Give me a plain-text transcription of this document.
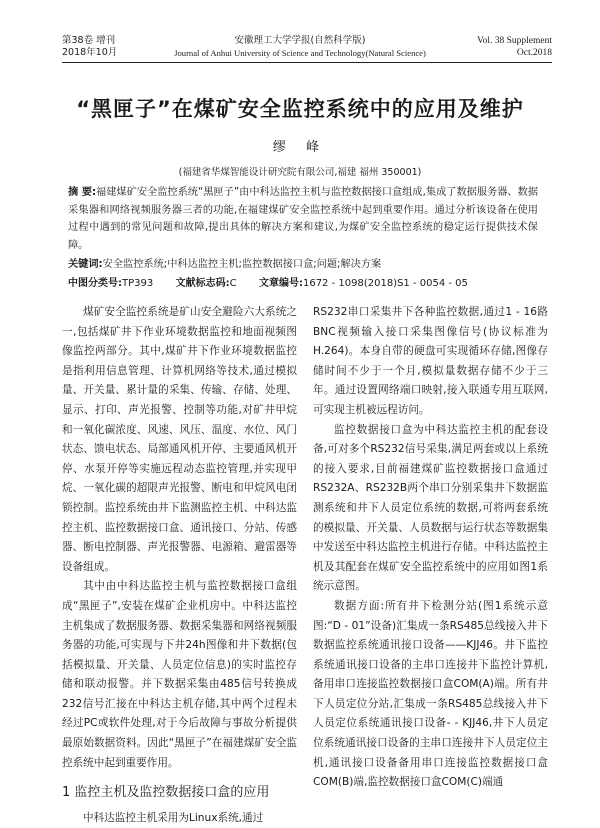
第38卷 增刊
2018年10月
安徽理工大学学报(自然科学版)
Journal of Anhui University of Science and Technology(Natural Science)
Vol. 38 Supplement
Oct.2018
“黑匣子”在煤矿安全监控系统中的应用及维护
缪 峰
(福建省华煤智能设计研究院有限公司,福建 福州 350001)
摘 要:福建煤矿安全监控系统“黑匣子”由中科达监控主机与监控数据接口盒组成,集成了数据服务器、数据采集器和网络视频服务器三者的功能,在福建煤矿安全监控系统中起到重要作用。通过分析该设备在使用过程中遇到的常见问题和故障,提出具体的解决方案和建议,为煤矿安全监控系统的稳定运行提供技术保障。
关键词:安全监控系统;中科达监控主机;监控数据接口盒;问题;解决方案
中图分类号:TP393 文献标志码:C 文章编号:1672 - 1098(2018)S1 - 0054 - 05

煤矿安全监控系统是矿山安全避险六大系统之一,包括煤矿井下作业环境数据监控和地面视频图像监控两部分。其中,煤矿井下作业环境数据监控是指利用信息管理、计算机网络等技术,通过模拟量、开关量、累计量的采集、传输、存储、处理、显示、打印、声光报警、控制等功能,对矿井甲烷和一氧化碳浓度、风速、风压、温度、水位、风门状态、馈电状态、局部通风机开停、主要通风机开停、水泵开停等实施远程动态监控管理,并实现甲烷、一氧化碳的超限声光报警、断电和甲烷风电闭锁控制。监控系统由井下监测监控主机、中科达监控主机、监控数据接口盒、通讯接口、分站、传感器、断电控制器、声光报警器、电源箱、避雷器等设备组成。

其中由中科达监控主机与监控数据接口盒组成“黑匣子”,安装在煤矿企业机房中。中科达监控主机集成了数据服务器、数据采集器和网络视频服务器的功能,可实现与下井24h图像和井下数据(包括模拟量、开关量、人员定位信息)的实时监控存储和联动报警。并下数据采集由485信号转换成232信号汇接在中科达主机存储,其中两个过程未经过PC或软件处理,对于今后故障与事故分析提供最原始数据资料。因此“黑匣子”在福建煤矿安全监控系统中起到重要作用。

1 监控主机及监控数据接口盒的应用

中科达监控主机采用为Linux系统,通过

RS232串口采集井下各种监控数据,通过1 - 16路BNC视频输入接口采集图像信号(协议标准为H.264)。本身自带的硬盘可实现循环存储,图像存储时间不少于一个月,模拟量数据存储不少于三年。通过设置网络端口映射,接入联通专用互联网,可实现主机被远程访问。

监控数据接口盒为中科达监控主机的配套设备,可对多个RS232信号采集,满足两套或以上系统的接入要求,目前福建煤矿监控数据接口盒通过RS232A、RS232B两个串口分别采集井下数据监测系统和井下人员定位系统的数据,可将两套系统的模拟量、开关量、人员数据与运行状态等数据集中发送至中科达监控主机进行存储。中科达监控主机及其配套在煤矿安全监控系统中的应用如图1系统示意图。

数据方面:所有井下检测分站(图1系统示意图:“D - 01”设备)汇集成一条RS485总线接入井下数据监控系统通讯接口设备——KJJ46。井下监控系统通讯接口设备的主串口连接井下监控计算机,备用串口连接监控数据接口盒COM(A)端。所有井下人员定位分站,汇集成一条RS485总线接入井下人员定位系统通讯接口设备- - KJJ46,井下人员定位系统通讯接口设备的主串口连接井下人员定位主机,通讯接口设备备用串口连接监控数据接口盒COM(B)端,监控数据接口盒COM(C)端通
